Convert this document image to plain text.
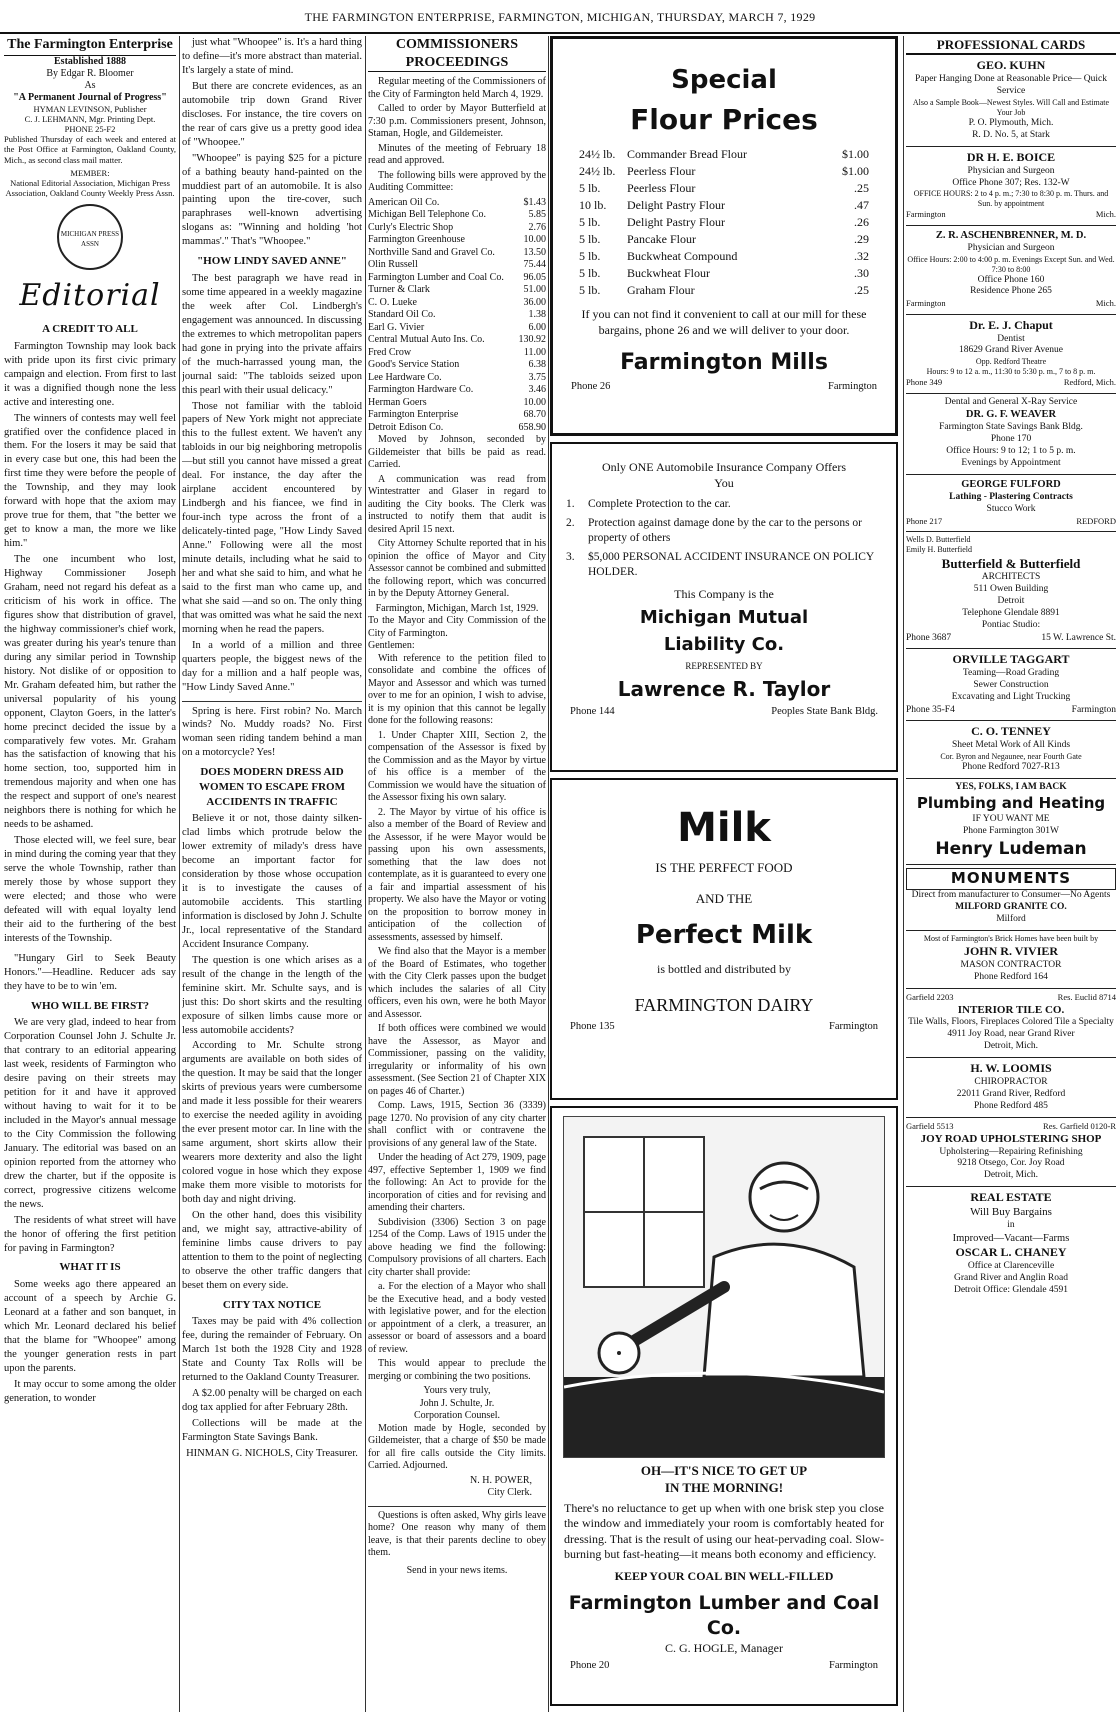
THE FARMINGTON ENTERPRISE, FARMINGTON, MICHIGAN, THURSDAY, MARCH 7, 1929
The Farmington Enterprise
Established 1888
By Edgar R. Bloomer
As
"A Permanent Journal of Progress"
HYMAN LEVINSON, Publisher
C. J. LEHMANN, Mgr. Printing Dept.
PHONE 25-F2
Published Thursday of each week and entered at the Post Office at Farmington, Oakland County, Mich., as second class mail matter.
MEMBER:
National Editorial Association, Michigan Press Association, Oakland County Weekly Press Assn.
MICHIGAN PRESS ASSN
Editorial
A CREDIT TO ALL

Farmington Township may look back with pride upon its first civic primary campaign and election. From first to last it was a dignified though none the less active and interesting one.

The winners of contests may well feel gratified over the confidence placed in them. For the losers it may be said that in every case but one, this had been the first time they were before the people of the Township, and they may look forward with hope that the axiom may prove true for them, that "the better we get to know a man, the more we like him."

The one incumbent who lost, Highway Commissioner Joseph Graham, need not regard his defeat as a criticism of his work in office. The figures show that distribution of gravel, the highway commissioner's chief work, was greater during his year's tenure than during any similar period in Township history. Not dislike of or opposition to Mr. Graham defeated him, but rather the universal popularity of his young opponent, Clayton Goers, in the latter's home precinct decided the issue by a comparatively few votes. Mr. Graham has the satisfaction of knowing that his home section, too, supported him in tremendous majority and when one has the respect and support of one's nearest neighbors there is nothing for which he needs to be ashamed.

Those elected will, we feel sure, bear in mind during the coming year that they serve the whole Township, rather than merely those by whose support they were elected; and those who were defeated will with equal loyalty lend their aid to the furthering of the best interests of the Township.

"Hungary Girl to Seek Beauty Honors."—Headline. Reducer ads say they have to be to win 'em.

WHO WILL BE FIRST?

We are very glad, indeed to hear from Corporation Counsel John J. Schulte Jr. that contrary to an editorial appearing last week, residents of Farmington who desire paving on their streets may petition for it and have it approved without having to wait for it to be included in the Mayor's annual message to the City Commission the following January. The editorial was based on an opinion reported from the attorney who drew the charter, but if the opposite is correct, progressive citizens welcome the news.

The residents of what street will have the honor of offering the first petition for paving in Farmington?

WHAT IT IS

Some weeks ago there appeared an account of a speech by Archie G. Leonard at a father and son banquet, in which Mr. Leonard declared his belief that the blame for "Whoopee" among the younger generation rests in part upon the parents.

It may occur to some among the older generation, to wonder

just what "Whoopee" is. It's a hard thing to define—it's more abstract than material. It's largely a state of mind.

But there are concrete evidences, as an automobile trip down Grand River discloses. For instance, the tire covers on the rear of cars give us a pretty good idea of "Whoopee."

"Whoopee" is paying $25 for a picture of a bathing beauty hand-painted on the muddiest part of an automobile. It is also painting upon the tire-cover, such paraphrases well-known advertising slogans as: "Winning and holding 'hot mammas'." That's "Whoopee."

"HOW LINDY SAVED ANNE"

The best paragraph we have read in some time appeared in a weekly magazine the week after Col. Lindbergh's engagement was announced. In discussing the extremes to which metropolitan papers had gone in prying into the private affairs of the much-harrassed young man, the journal said: "The tabloids seized upon this pearl with their usual delicacy."

Those not familiar with the tabloid papers of New York might not appreciate this to the fullest extent. We haven't any tabloids in our big neighboring metropolis—but still you cannot have missed a great deal. For instance, the day after the airplane accident encountered by Lindbergh and his fiancee, we find in four-inch type across the front of a delicately-tinted page, "How Lindy Saved Anne." Following were all the most minute details, including what he said to her and what she said to him, and what he said to the first man who came up, and what she said —and so on. The only thing that was omitted was what he said the next morning when he read the papers.

In a world of a million and three quarters people, the biggest news of the day for a million and a half people was, "How Lindy Saved Anne."

Spring is here. First robin? No. March winds? No. Muddy roads? No. First woman seen riding tandem behind a man on a motorcycle? Yes!

DOES MODERN DRESS AID WOMEN TO ESCAPE FROM ACCIDENTS IN TRAFFIC

Believe it or not, those dainty silken-clad limbs which protrude below the lower extremity of milady's dress have become an important factor for consideration by those whose occupation it is to investigate the causes of automobile accidents. This startling information is disclosed by John J. Schulte Jr., local representative of the Standard Accident Insurance Company.

The question is one which arises as a result of the change in the length of the feminine skirt. Mr. Schulte says, and is just this: Do short skirts and the resulting exposure of silken limbs cause more or less automobile accidents?

According to Mr. Schulte strong arguments are available on both sides of the question. It may be said that the longer skirts of previous years were cumbersome and made it less possible for their wearers to exercise the needed agility in avoiding the ever present motor car. In line with the same argument, short skirts allow their wearers more dexterity and also the light colored vogue in hose which they expose make them more visible to motorists for both day and night driving.

On the other hand, does this visibility and, we might say, attractive-ability of feminine limbs cause drivers to pay attention to them to the point of neglecting to observe the other traffic dangers that beset them on every side.

CITY TAX NOTICE

Taxes may be paid with 4% collection fee, during the remainder of February. On March 1st both the 1928 City and 1928 State and County Tax Rolls will be returned to the Oakland County Treasurer.

A $2.00 penalty will be charged on each dog tax applied for after February 28th.

Collections will be made at the Farmington State Savings Bank.

HINMAN G. NICHOLS, City Treasurer.
COMMISSIONERS
PROCEEDINGS

Regular meeting of the Commissioners of the City of Farmington held March 4, 1929.

Called to order by Mayor Butterfield at 7:30 p.m. Commissioners present, Johnson, Staman, Hogle, and Gildemeister.

Minutes of the meeting of February 18 read and approved.

The following bills were approved by the Auditing Committee:

American Oil Co.	$1.43
Michigan Bell Telephone Co.	5.85
Curly's Electric Shop	2.76
Farmington Greenhouse	10.00
Northville Sand and Gravel Co.	13.50
Olin Russell	75.44
Farmington Lumber and Coal Co. 96.05
Turner & Clark	51.00
C. O. Lueke	36.00
Standard Oil Co.	1.38
Earl G. Vivier	6.00
Central Mutual Auto Ins. Co.	130.92
Fred Crow	11.00
Good's Service Station	6.38
Lee Hardware Co.	3.75
Farmington Hardware Co.	3.46
Herman Goers	10.00
Farmington Enterprise	68.70
Detroit Edison Co.	658.90

Moved by Johnson, seconded by Gildemeister that bills be paid as read. Carried.

A communication was read from Wintestratter and Glaser in regard to auditing the City books. The Clerk was instructed to notify them that audit is desired April 15 next.

City Attorney Schulte reported that in his opinion the office of Mayor and City Assessor cannot be combined and submitted the following report, which was concurred in by the Deputy Attorney General.

Farmington, Michigan, March 1st, 1929.
To the Mayor and City Commission of the City of Farmington.
Gentlemen:

With reference to the petition filed to consolidate and combine the offices of Mayor and Assessor and which was turned over to me for an opinion, I wish to advise, it is my opinion that this cannot be legally done for the following reasons:

1. Under Chapter XIII, Section 2, the compensation of the Assessor is fixed by the Commission and as the Mayor by virtue of his office is a member of the Commission we would have the situation of the Assessor fixing his own salary.

2. The Mayor by virtue of his office is also a member of the Board of Review and the Assessor, if he were Mayor would be passing upon his own assessments, something that the law does not contemplate, as it is guaranteed to every one a fair and impartial assessment of his property. We also have the Mayor or voting on the proposition to borrow money in anticipation of the collection of assessments, assessed by himself.

We find also that the Mayor is a member of the Board of Estimates, who together with the City Clerk passes upon the budget which includes the salaries of all City officers, even his own, were he both Mayor and Assessor.

If both offices were combined we would have the Assessor, as Mayor and Commissioner, passing on the validity, irregularity or informality of his own assessment. (See Section 21 of Chapter XIX on pages 46 of Charter.)

Comp. Laws, 1915, Section 36 (3339) page 1270. No provision of any city charter shall conflict with or contravene the provisions of any general law of the State.

Under the heading of Act 279, 1909, page 497, effective September 1, 1909 we find the following: An Act to provide for the incorporation of cities and for revising and amending their charters.

Subdivision (3306) Section 3 on page 1254 of the Comp. Laws of 1915 under the above heading we find the following: Compulsory provisions of all charters. Each city charter shall provide:

a. For the election of a Mayor who shall be the Executive head, and a body vested with legislative power, and for the election or appointment of a clerk, a treasurer, an assessor or board of assessors and a board of review.

This would appear to preclude the merging or combining the two positions.

Yours very truly,
John J. Schulte, Jr.
Corporation Counsel.

Motion made by Hogle, seconded by Gildemeister, that a charge of $50 be made for all fire calls outside the City limits. Carried. Adjourned.

N. H. POWER,
City Clerk.

Questions is often asked, Why girls leave home? One reason why many of them leave, is that their parents decline to obey them.

Send in your news items.
Special
Flour Prices
24½ lb. Commander Bread Flour	$1.00
24½ lb. Peerless Flour	$1.00
5 lb.	Peerless Flour	.25
10 lb.	Delight Pastry Flour	.47
5 lb.	Delight Pastry Flour	.26
5 lb.	Pancake Flour	.29
5 lb.	Buckwheat Compound	.32
5 lb.	Buckwheat Flour	.30
5 lb.	Graham Flour	.25
If you can not find it convenient to call at our mill for these bargains, phone 26 and we will deliver to your door.
Farmington Mills
Phone 26	Farmington
Only ONE Automobile Insurance Company Offers You
1.	Complete Protection to the car.
2.	Protection against damage done by the car to the persons or property of others
3.	$5,000 PERSONAL ACCIDENT INSURANCE ON POLICY HOLDER.
This Company is the
Michigan Mutual
Liability Co.
REPRESENTED BY
Lawrence R. Taylor
Phone 144	Peoples State Bank Bldg.
Milk
IS THE PERFECT FOOD
AND THE
Perfect Milk
is bottled and distributed by
FARMINGTON DAIRY
Phone 135	Farmington
OH—IT'S NICE TO GET UP
IN THE MORNING!
There's no reluctance to get up when with one brisk step you close the window and immediately your room is comfortably heated for dressing. That is the result of using our heat-pervading coal. Slow-burning but fast-heating—it means both economy and efficiency.
KEEP YOUR COAL BIN WELL-FILLED
Farmington Lumber and Coal Co.
C. G. HOGLE, Manager
Phone 20	Farmington
PROFESSIONAL CARDS
GEO. KUHN
Paper Hanging Done at Reasonable Price— Quick Service
Also a Sample Book—Newest Styles. Will Call and Estimate Your Job
P. O. Plymouth, Mich.
R. D. No. 5, at Stark
DR H. E. BOICE
Physician and Surgeon
Office Phone 307; Res. 132-W
OFFICE HOURS: 2 to 4 p. m.; 7:30 to 8:30 p. m. Thurs. and Sun. by appointment
Farmington	Mich.
Z. R. ASCHENBRENNER, M. D.
Physician and Surgeon
Office Hours: 2:00 to 4:00 p. m. Evenings Except Sun. and Wed. 7:30 to 8:00
Office Phone 160
Residence Phone 265
Farmington	Mich.
Dr. E. J. Chaput
Dentist
18629 Grand River Avenue
Opp. Redford Theatre
Hours: 9 to 12 a. m., 11:30 to 5:30 p. m., 7 to 8 p. m.
Phone 349	Redford, Mich.
Dental and General X-Ray Service
DR. G. F. WEAVER
Farmington State Savings Bank Bldg.
Phone 170
Office Hours: 9 to 12; 1 to 5 p. m.
Evenings by Appointment
GEORGE FULFORD
Lathing - Plastering Contracts
Stucco Work
Phone 217	REDFORD
Wells D. Butterfield
Emily H. Butterfield
Butterfield & Butterfield
ARCHITECTS
511 Owen Building
Detroit
Telephone Glendale 8891
Pontiac Studio:
Phone 3687	15 W. Lawrence St.
ORVILLE TAGGART
Teaming—Road Grading
Sewer Construction
Excavating and Light Trucking
Phone 35-F4	Farmington
C. O. TENNEY
Sheet Metal Work of All Kinds
Cor. Byron and Negaunee, near Fourth Gate
Phone Redford 7027-R13
YES, FOLKS, I AM BACK
Plumbing and Heating
IF YOU WANT ME
Phone Farmington 301W
Henry Ludeman
MONUMENTS
Direct from manufacturer to Consumer—No Agents
MILFORD GRANITE CO.
Milford
Most of Farmington's Brick Homes have been built by
JOHN R. VIVIER
MASON CONTRACTOR
Phone Redford 164
Garfield 2203	Res. Euclid 8714
INTERIOR TILE CO.
Tile Walls, Floors, Fireplaces Colored Tile a Specialty
4911 Joy Road, near Grand River
Detroit, Mich.
H. W. LOOMIS
CHIROPRACTOR
22011 Grand River, Redford
Phone Redford 485
Garfield 5513	Res. Garfield 0120-R
JOY ROAD UPHOLSTERING SHOP
Upholstering—Repairing Refinishing
9218 Otsego, Cor. Joy Road
Detroit, Mich.
REAL ESTATE
Will Buy Bargains
in
Improved—Vacant—Farms
OSCAR L. CHANEY
Office at Clarenceville
Grand River and Anglin Road
Detroit Office: Glendale 4591
